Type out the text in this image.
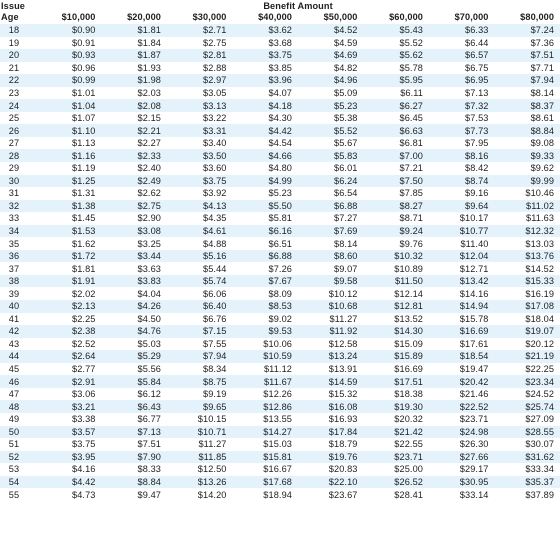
Issue	Benefit Amount							
Age	$10,000	$20,000	$30,000	$40,000	$50,000	$60,000	$70,000	$80,000
18	$0.90	$1.81	$2.71	$3.62	$4.52	$5.43	$6.33	$7.24
19	$0.91	$1.84	$2.75	$3.68	$4.59	$5.52	$6.44	$7.36
20	$0.93	$1.87	$2.81	$3.75	$4.69	$5.62	$6.57	$7.51
21	$0.96	$1.93	$2.88	$3.85	$4.82	$5.78	$6.75	$7.71
22	$0.99	$1.98	$2.97	$3.96	$4.96	$5.95	$6.95	$7.94
23	$1.01	$2.03	$3.05	$4.07	$5.09	$6.11	$7.13	$8.14
24	$1.04	$2.08	$3.13	$4.18	$5.23	$6.27	$7.32	$8.37
25	$1.07	$2.15	$3.22	$4.30	$5.38	$6.45	$7.53	$8.61
26	$1.10	$2.21	$3.31	$4.42	$5.52	$6.63	$7.73	$8.84
27	$1.13	$2.27	$3.40	$4.54	$5.67	$6.81	$7.95	$9.08
28	$1.16	$2.33	$3.50	$4.66	$5.83	$7.00	$8.16	$9.33
29	$1.19	$2.40	$3.60	$4.80	$6.01	$7.21	$8.42	$9.62
30	$1.25	$2.49	$3.75	$4.99	$6.24	$7.50	$8.74	$9.99
31	$1.31	$2.62	$3.92	$5.23	$6.54	$7.85	$9.16	$10.46
32	$1.38	$2.75	$4.13	$5.50	$6.88	$8.27	$9.64	$11.02
33	$1.45	$2.90	$4.35	$5.81	$7.27	$8.71	$10.17	$11.63
34	$1.53	$3.08	$4.61	$6.16	$7.69	$9.24	$10.77	$12.32
35	$1.62	$3.25	$4.88	$6.51	$8.14	$9.76	$11.40	$13.03
36	$1.72	$3.44	$5.16	$6.88	$8.60	$10.32	$12.04	$13.76
37	$1.81	$3.63	$5.44	$7.26	$9.07	$10.89	$12.71	$14.52
38	$1.91	$3.83	$5.74	$7.67	$9.58	$11.50	$13.42	$15.33
39	$2.02	$4.04	$6.06	$8.09	$10.12	$12.14	$14.16	$16.19
40	$2.13	$4.26	$6.40	$8.53	$10.68	$12.81	$14.94	$17.08
41	$2.25	$4.50	$6.76	$9.02	$11.27	$13.52	$15.78	$18.04
42	$2.38	$4.76	$7.15	$9.53	$11.92	$14.30	$16.69	$19.07
43	$2.52	$5.03	$7.55	$10.06	$12.58	$15.09	$17.61	$20.12
44	$2.64	$5.29	$7.94	$10.59	$13.24	$15.89	$18.54	$21.19
45	$2.77	$5.56	$8.34	$11.12	$13.91	$16.69	$19.47	$22.25
46	$2.91	$5.84	$8.75	$11.67	$14.59	$17.51	$20.42	$23.34
47	$3.06	$6.12	$9.19	$12.26	$15.32	$18.38	$21.46	$24.52
48	$3.21	$6.43	$9.65	$12.86	$16.08	$19.30	$22.52	$25.74
49	$3.38	$6.77	$10.15	$13.55	$16.93	$20.32	$23.71	$27.09
50	$3.57	$7.13	$10.71	$14.27	$17.84	$21.42	$24.98	$28.55
51	$3.75	$7.51	$11.27	$15.03	$18.79	$22.55	$26.30	$30.07
52	$3.95	$7.90	$11.85	$15.81	$19.76	$23.71	$27.66	$31.62
53	$4.16	$8.33	$12.50	$16.67	$20.83	$25.00	$29.17	$33.34
54	$4.42	$8.84	$13.26	$17.68	$22.10	$26.52	$30.95	$35.37
55	$4.73	$9.47	$14.20	$18.94	$23.67	$28.41	$33.14	$37.89
